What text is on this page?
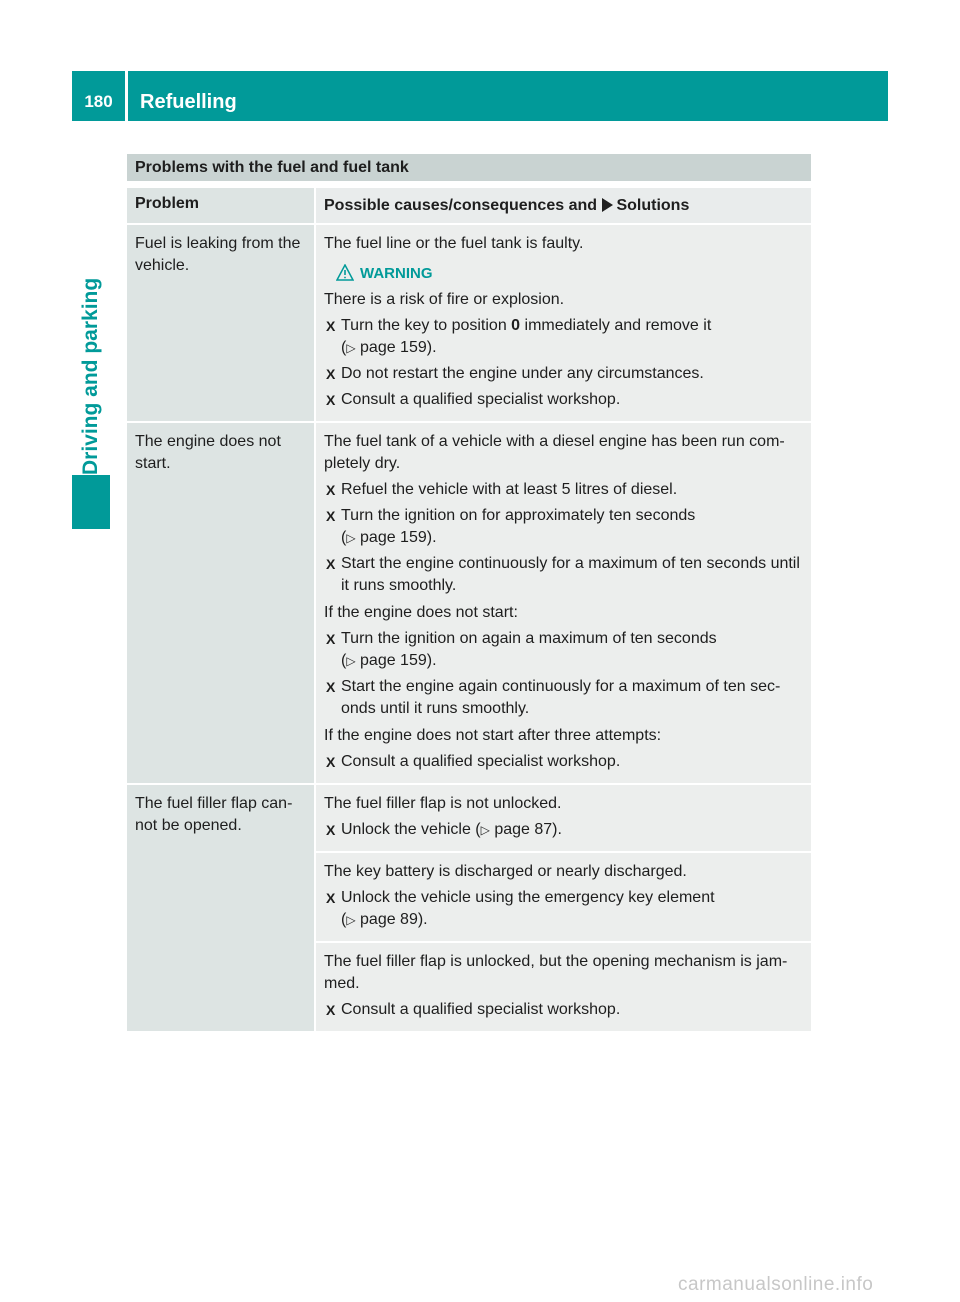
180	Refuelling
Driving and parking
Problems with the fuel and fuel tank
Problem	Possible causes/consequences and Solutions
Fuel is leaking from the vehicle.

The fuel line or the fuel tank is faulty.

WARNING

There is a risk of fire or explosion.

X Turn the key to position 0 immediately and remove it
(▷ page 159).
X Do not restart the engine under any circumstances.
X Consult a qualified specialist workshop.
The engine does not start.

The fuel tank of a vehicle with a diesel engine has been run completely dry.

X Refuel the vehicle with at least 5 litres of diesel.
X Turn the ignition on for approximately ten seconds
(▷ page 159).
X Start the engine continuously for a maximum of ten seconds until it runs smoothly.

If the engine does not start:

X Turn the ignition on again a maximum of ten seconds
(▷ page 159).
X Start the engine again continuously for a maximum of ten seconds until it runs smoothly.

If the engine does not start after three attempts:

X Consult a qualified specialist workshop.
The fuel filler flap cannot be opened.

The fuel filler flap is not unlocked.

X Unlock the vehicle (▷ page 87).

The key battery is discharged or nearly discharged.

X Unlock the vehicle using the emergency key element
(▷ page 89).

The fuel filler flap is unlocked, but the opening mechanism is jammed.

X Consult a qualified specialist workshop.
carmanualsonline.info
